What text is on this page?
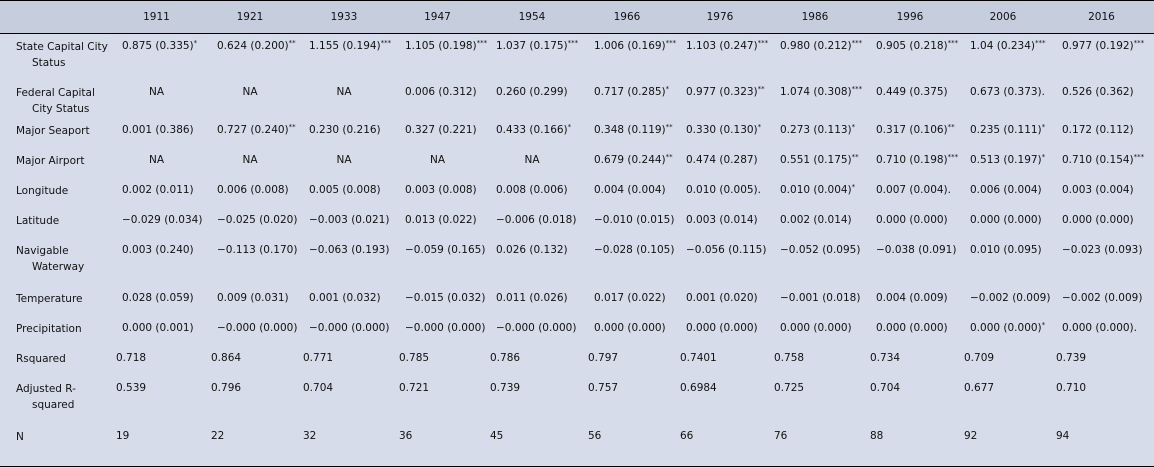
	1911	1921	1933	1947	1954	1966	1976	1986	1996	2006	2016

State Capital City
Status	0.875 (0.335)*	0.624 (0.200)**	1.155 (0.194)***	1.105 (0.198)***	1.037 (0.175)***	1.006 (0.169)***	1.103 (0.247)***	0.980 (0.212)***	0.905 (0.218)***	1.04 (0.234)***	0.977 (0.192)***

Federal Capital
City Status	NA	NA	NA	0.006 (0.312)	0.260 (0.299)	0.717 (0.285)*	0.977 (0.323)**	1.074 (0.308)***	0.449 (0.375)	0.673 (0.373).	0.526 (0.362)

Major Seaport	0.001 (0.386)	0.727 (0.240)**	0.230 (0.216)	0.327 (0.221)	0.433 (0.166)*	0.348 (0.119)**	0.330 (0.130)*	0.273 (0.113)*	0.317 (0.106)**	0.235 (0.111)*	0.172 (0.112)

Major Airport	NA	NA	NA	NA	NA	0.679 (0.244)**	0.474 (0.287)	0.551 (0.175)**	0.710 (0.198)***	0.513 (0.197)*	0.710 (0.154)***

Longitude	0.002 (0.011)	0.006 (0.008)	0.005 (0.008)	0.003 (0.008)	0.008 (0.006)	0.004 (0.004)	0.010 (0.005).	0.010 (0.004)*	0.007 (0.004).	0.006 (0.004)	0.003 (0.004)

Latitude	−0.029 (0.034)	−0.025 (0.020)	−0.003 (0.021)	0.013 (0.022)	−0.006 (0.018)	−0.010 (0.015)	0.003 (0.014)	0.002 (0.014)	0.000 (0.000)	0.000 (0.000)	0.000 (0.000)

Navigable
Waterway	0.003 (0.240)	−0.113 (0.170)	−0.063 (0.193)	−0.059 (0.165)	0.026 (0.132)	−0.028 (0.105)	−0.056 (0.115)	−0.052 (0.095)	−0.038 (0.091)	0.010 (0.095)	−0.023 (0.093)

Temperature	0.028 (0.059)	0.009 (0.031)	0.001 (0.032)	−0.015 (0.032)	0.011 (0.026)	0.017 (0.022)	0.001 (0.020)	−0.001 (0.018)	0.004 (0.009)	−0.002 (0.009)	−0.002 (0.009)

Precipitation	0.000 (0.001)	−0.000 (0.000)	−0.000 (0.000)	−0.000 (0.000)	−0.000 (0.000)	0.000 (0.000)	0.000 (0.000)	0.000 (0.000)	0.000 (0.000)	0.000 (0.000)*	0.000 (0.000).

Rsquared	0.718	0.864	0.771	0.785	0.786	0.797	0.7401	0.758	0.734	0.709	0.739

Adjusted R-
squared	0.539	0.796	0.704	0.721	0.739	0.757	0.6984	0.725	0.704	0.677	0.710

N	19	22	32	36	45	56	66	76	88	92	94
